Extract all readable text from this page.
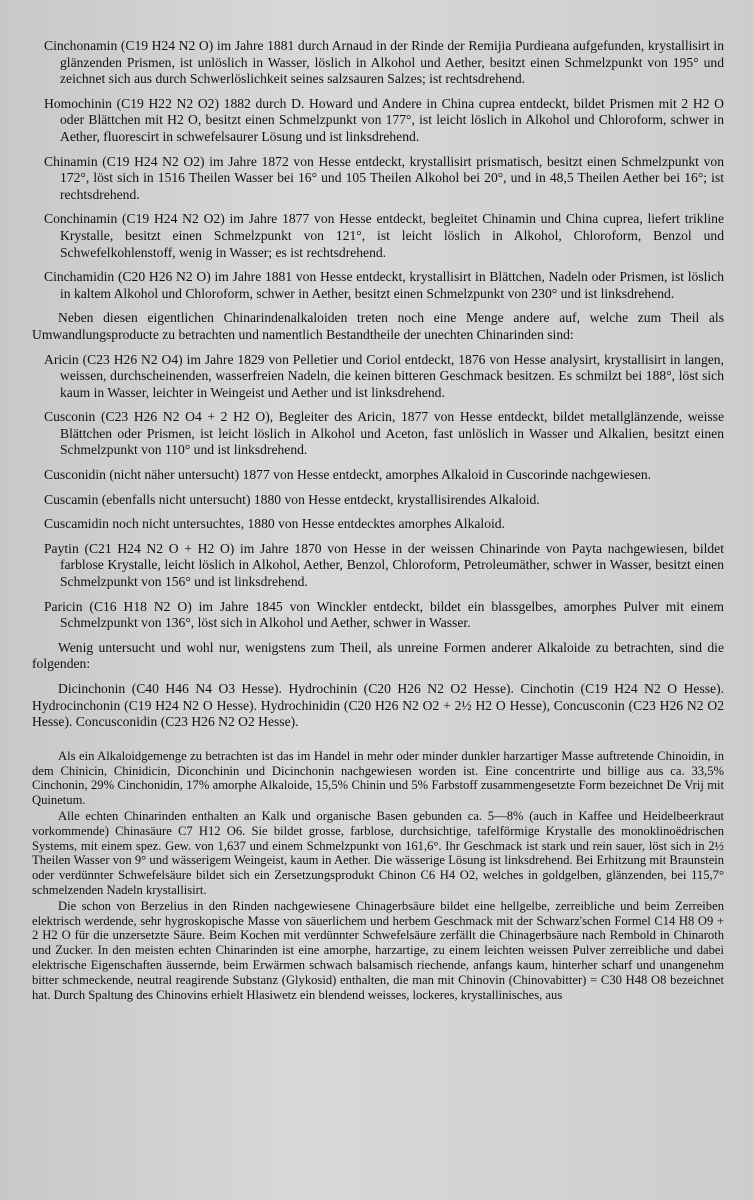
Cinchonamin (C19 H24 N2 O) im Jahre 1881 durch Arnaud in der Rinde der Remijia Purdieana aufgefunden, krystallisirt in glänzenden Prismen, ist unlöslich in Wasser, löslich in Alkohol und Aether, besitzt einen Schmelzpunkt von 195° und zeichnet sich aus durch Schwerlöslichkeit seines salzsauren Salzes; ist rechtsdrehend.

Homochinin (C19 H22 N2 O2) 1882 durch D. Howard und Andere in China cuprea entdeckt, bildet Prismen mit 2 H2 O oder Blättchen mit H2 O, besitzt einen Schmelzpunkt von 177°, ist leicht löslich in Alkohol und Chloroform, schwer in Aether, fluorescirt in schwefelsaurer Lösung und ist linksdrehend.

Chinamin (C19 H24 N2 O2) im Jahre 1872 von Hesse entdeckt, krystallisirt prismatisch, besitzt einen Schmelzpunkt von 172°, löst sich in 1516 Theilen Wasser bei 16° und 105 Theilen Alkohol bei 20°, und in 48,5 Theilen Aether bei 16°; ist rechtsdrehend.

Conchinamin (C19 H24 N2 O2) im Jahre 1877 von Hesse entdeckt, begleitet Chinamin und China cuprea, liefert trikline Krystalle, besitzt einen Schmelzpunkt von 121°, ist leicht löslich in Alkohol, Chloroform, Benzol und Schwefelkohlenstoff, wenig in Wasser; es ist rechtsdrehend.

Cinchamidin (C20 H26 N2 O) im Jahre 1881 von Hesse entdeckt, krystallisirt in Blättchen, Nadeln oder Prismen, ist löslich in kaltem Alkohol und Chloroform, schwer in Aether, besitzt einen Schmelzpunkt von 230° und ist linksdrehend.

Neben diesen eigentlichen Chinarindenalkaloiden treten noch eine Menge andere auf, welche zum Theil als Umwandlungsproducte zu betrachten und namentlich Bestandtheile der unechten Chinarinden sind:

Aricin (C23 H26 N2 O4) im Jahre 1829 von Pelletier und Coriol entdeckt, 1876 von Hesse analysirt, krystallisirt in langen, weissen, durchscheinenden, wasserfreien Nadeln, die keinen bitteren Geschmack besitzen. Es schmilzt bei 188°, löst sich kaum in Wasser, leichter in Weingeist und Aether und ist linksdrehend.

Cusconin (C23 H26 N2 O4 + 2 H2 O), Begleiter des Aricin, 1877 von Hesse entdeckt, bildet metallglänzende, weisse Blättchen oder Prismen, ist leicht löslich in Alkohol und Aceton, fast unlöslich in Wasser und Alkalien, besitzt einen Schmelzpunkt von 110° und ist linksdrehend.

Cusconidin (nicht näher untersucht) 1877 von Hesse entdeckt, amorphes Alkaloid in Cuscorinde nachgewiesen.

Cuscamin (ebenfalls nicht untersucht) 1880 von Hesse entdeckt, krystallisirendes Alkaloid.

Cuscamidin noch nicht untersuchtes, 1880 von Hesse entdecktes amorphes Alkaloid.

Paytin (C21 H24 N2 O + H2 O) im Jahre 1870 von Hesse in der weissen Chinarinde von Payta nachgewiesen, bildet farblose Krystalle, leicht löslich in Alkohol, Aether, Benzol, Chloroform, Petroleumäther, schwer in Wasser, besitzt einen Schmelzpunkt von 156° und ist linksdrehend.

Paricin (C16 H18 N2 O) im Jahre 1845 von Winckler entdeckt, bildet ein blassgelbes, amorphes Pulver mit einem Schmelzpunkt von 136°, löst sich in Alkohol und Aether, schwer in Wasser.

Wenig untersucht und wohl nur, wenigstens zum Theil, als unreine Formen anderer Alkaloide zu betrachten, sind die folgenden:

Dicinchonin (C40 H46 N4 O3 Hesse). Hydrochinin (C20 H26 N2 O2 Hesse). Cinchotin (C19 H24 N2 O Hesse). Hydrocinchonin (C19 H24 N2 O Hesse). Hydrochinidin (C20 H26 N2 O2 + 2½ H2 O Hesse), Concusconin (C23 H26 N2 O2 Hesse). Concusconidin (C23 H26 N2 O2 Hesse).

Als ein Alkaloidgemenge zu betrachten ist das im Handel in mehr oder minder dunkler harzartiger Masse auftretende Chinoidin, in dem Chinicin, Chinidicin, Diconchinin und Dicinchonin nachgewiesen worden ist. Eine concentrirte und billige aus ca. 33,5% Cinchonin, 29% Cinchonidin, 17% amorphe Alkaloide, 15,5% Chinin und 5% Farbstoff zusammengesetzte Form bezeichnet De Vrij mit Quinetum.

Alle echten Chinarinden enthalten an Kalk und organische Basen gebunden ca. 5—8% (auch in Kaffee und Heidelbeerkraut vorkommende) Chinasäure C7 H12 O6. Sie bildet grosse, farblose, durchsichtige, tafelförmige Krystalle des monoklinoëdrischen Systems, mit einem spez. Gew. von 1,637 und einem Schmelzpunkt von 161,6°. Ihr Geschmack ist stark und rein sauer, löst sich in 2½ Theilen Wasser von 9° und wässerigem Weingeist, kaum in Aether. Die wässerige Lösung ist linksdrehend. Bei Erhitzung mit Braunstein oder verdünnter Schwefelsäure bildet sich ein Zersetzungsprodukt Chinon C6 H4 O2, welches in goldgelben, glänzenden, bei 115,7° schmelzenden Nadeln krystallisirt.

Die schon von Berzelius in den Rinden nachgewiesene Chinagerbsäure bildet eine hellgelbe, zerreibliche und beim Zerreiben elektrisch werdende, sehr hygroskopische Masse von säuerlichem und herbem Geschmack mit der Schwarz'schen Formel C14 H8 O9 + 2 H2 O für die unzersetzte Säure. Beim Kochen mit verdünnter Schwefelsäure zerfällt die Chinagerbsäure nach Rembold in Chinaroth und Zucker. In den meisten echten Chinarinden ist eine amorphe, harzartige, zu einem leichten weissen Pulver zerreibliche und dabei elektrische Eigenschaften äussernde, beim Erwärmen schwach balsamisch riechende, anfangs kaum, hinterher scharf und unangenehm bitter schmeckende, neutral reagirende Substanz (Glykosid) enthalten, die man mit Chinovin (Chinovabitter) = C30 H48 O8 bezeichnet hat. Durch Spaltung des Chinovins erhielt Hlasiwetz ein blendend weisses, lockeres, krystallinisches, aus
